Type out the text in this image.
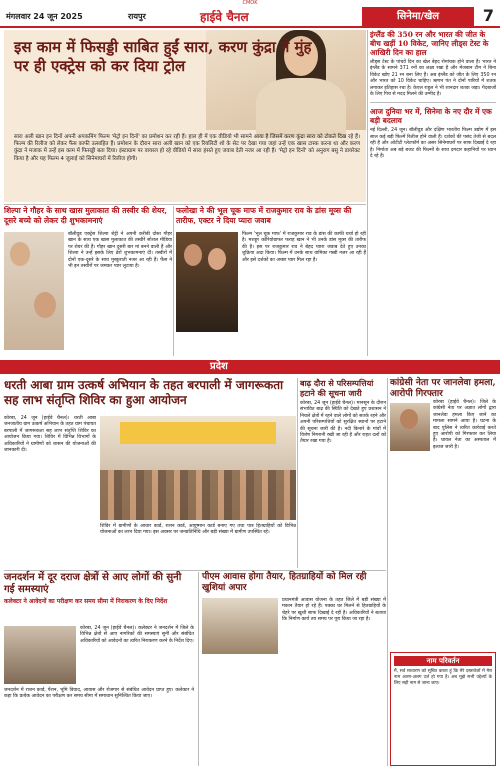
CMOK
मंगलवार 24 जून 2025	रायपुर	हाईवे चैनल	सिनेमा/खेल	7
इस काम में फिसड्डी साबित हुईं सारा, करण कुंद्रा ने मुंह पर ही एक्ट्रेस को कर दिया ट्रोल
सारा अली खान इन दिनों अपनी अपकमिंग फिल्म 'मेट्रो इन दिनों' का प्रमोशन कर रही हैं। हाल ही में एक वीडियो भी सामने आया है जिसमें करण कुंद्रा सारा को टोकते दिख रहे हैं। फिल्म की रिलीज को लेकर फैंस काफी उत्साहित हैं। प्रमोशन के दौरान सारा अली खान को एक रियलिटी शो के सेट पर देखा गया जहां उन्हें एक खास टास्क करना था और करण कुंद्रा ने मजाक में उन्हें इस काम में फिसड्डी बता दिया। इंस्टाग्राम पर वायरल हो रहे वीडियो में सारा हंसते हुए जवाब देती नजर आ रही हैं। 'मेट्रो इन दिनों' को अनुराग बसु ने डायरेक्ट किया है और यह फिल्म 4 जुलाई को सिनेमाघरों में रिलीज होगी।
इंग्लैंड की 350 रन और भारत की जीत के बीच खड़ीं 10 विकेट, जानिए लीड्स टेस्ट के आखिरी दिन का हाल
लीड्स टेस्ट के पांचवें दिन का खेल बेहद रोमांचक होने वाला है। भारत ने इंग्लैंड के सामने 371 रनों का लक्ष्य रखा है और मेजबान टीम ने बिना विकेट खोए 21 रन बना लिए हैं। अब इंग्लैंड को जीत के लिए 350 रन और भारत को 10 विकेट चाहिए। ऋषभ पंत ने दोनों पारियों में शतक लगाकर इतिहास रचा है। केएल राहुल ने भी शानदार शतक जड़ा। गेंदबाजों के लिए पिच से मदद मिलने की उम्मीद है।
आज दुनिया भर में, सिनेमा के नए दौर में एक बड़ी बदलाव
नई दिल्ली, 24 जून। बॉलीवुड और दक्षिण भारतीय फिल्म उद्योग में इस साल कई बड़ी फिल्में रिलीज होने वाली हैं। दर्शकों की पसंद तेजी से बदल रही है और ओटीटी प्लेटफॉर्म का असर सिनेमाघरों पर साफ दिखाई दे रहा है। निर्माता अब बड़े बजट की फिल्मों के साथ दमदार कहानियों पर ध्यान दे रहे हैं।
शिल्पा ने गौहर के साथ खास मुलाकात की तस्वीर की शेयर, दूसरे बच्चे को लेकर दी शुभकामनाएं
बॉलीवुड एक्ट्रेस शिल्पा शेट्टी ने अपनी करीबी दोस्त गौहर खान के साथ एक खास मुलाकात की तस्वीरें सोशल मीडिया पर शेयर की हैं। गौहर खान दूसरी बार मां बनने वाली हैं और शिल्पा ने उन्हें इसके लिए ढेरों शुभकामनाएं दीं। तस्वीरों में दोनों एक-दूसरे के साथ मुस्कुराती नजर आ रही हैं। फैंस ने भी इन तस्वीरों पर जमकर प्यार लुटाया है।
फलोखा ने की भूल चूक माफ में राजकुमार राव के डांस मूव्स की तारीफ, एक्टर ने दिया प्यारा जवाब
फिल्म 'भूल चूक माफ' में राजकुमार राव के डांस की काफी चर्चा हो रही है। मशहूर कोरियोग्राफर फराह खान ने भी उनके डांस मूव्स की तारीफ की है। इस पर राजकुमार राव ने बेहद प्यारा जवाब देते हुए उनका शुक्रिया अदा किया। फिल्म में उनके साथ वामिका गब्बी नजर आ रही हैं और इसे दर्शकों का अच्छा प्यार मिल रहा है।
प्रदेश
धरती आबा ग्राम उत्कर्ष अभियान के तहत बरपाली में जागरूकता सह लाभ संतृप्ति शिविर का हुआ आयोजन
कोरबा, 24 जून (हाईवे चैनल)। धरती आबा जनजातीय ग्राम उत्कर्ष अभियान के तहत ग्राम पंचायत बरपाली में जागरूकता सह लाभ संतृप्ति शिविर का आयोजन किया गया। शिविर में विभिन्न विभागों के अधिकारियों ने ग्रामीणों को शासन की योजनाओं की जानकारी दी।
शिविर में ग्रामीणों के आधार कार्ड, राशन कार्ड, आयुष्मान कार्ड बनाए गए तथा पात्र हितग्राहियों को विभिन्न योजनाओं का लाभ दिया गया। इस अवसर पर जनप्रतिनिधि और बड़ी संख्या में ग्रामीण उपस्थित रहे।
बाढ़ दौरा से परिसम्पत्तियां हटाने की सूचना जारी
कोरबा, 24 जून (हाईवे चैनल)। मानसून के दौरान संभावित बाढ़ की स्थिति को देखते हुए प्रशासन ने निचले क्षेत्रों में रहने वाले लोगों को सतर्क रहने और अपनी परिसम्पत्तियों को सुरक्षित स्थानों पर हटाने की सूचना जारी की है। नदी किनारे के गांवों में विशेष निगरानी रखी जा रही है और राहत दलों को तैयार रखा गया है।
कांग्रेसी नेता पर जानलेवा हमला, आरोपी गिरफ्तार
कोरबा (हाईवे चैनल)। जिले के कांग्रेसी नेता पर अज्ञात लोगों द्वारा जानलेवा हमला किए जाने का मामला सामने आया है। घटना के बाद पुलिस ने त्वरित कार्रवाई करते हुए आरोपी को गिरफ्तार कर लिया है। घायल नेता का अस्पताल में इलाज जारी है।
जनदर्शन में दूर दराज क्षेत्रों से आए लोगों की सुनी गई समस्याएं
कलेक्टर ने आवेदनों का परीक्षण कर समय सीमा में निराकरण के दिए निर्देश
कोरबा, 24 जून (हाईवे चैनल)। कलेक्टर ने जनदर्शन में जिले के विभिन्न क्षेत्रों से आए नागरिकों की समस्याएं सुनीं और संबंधित अधिकारियों को आवेदनों का त्वरित निराकरण करने के निर्देश दिए।
जनदर्शन में राशन कार्ड, पेंशन, भूमि विवाद, आवास और रोजगार से संबंधित आवेदन प्राप्त हुए। कलेक्टर ने कहा कि प्रत्येक आवेदन का परीक्षण कर समय सीमा में समाधान सुनिश्चित किया जाए।
पीएम आवास होगा तैयार, हितग्राहियों को मिल रही खुशियां अपार
प्रधानमंत्री आवास योजना के तहत जिले में बड़ी संख्या में मकान तैयार हो रहे हैं। पक्का घर मिलने से हितग्राहियों के चेहरे पर खुशी साफ दिखाई दे रही है। अधिकारियों ने बताया कि निर्माण कार्य तय समय पर पूरा किया जा रहा है।
नाम परिवर्तन
मैं, सर्व साधारण को सूचित करता हूं कि मेरे दस्तावेजों में मेरा नाम अलग-अलग दर्ज हो गया है। अब मुझे सभी उद्देश्यों के लिए सही नाम से जाना जाए।
